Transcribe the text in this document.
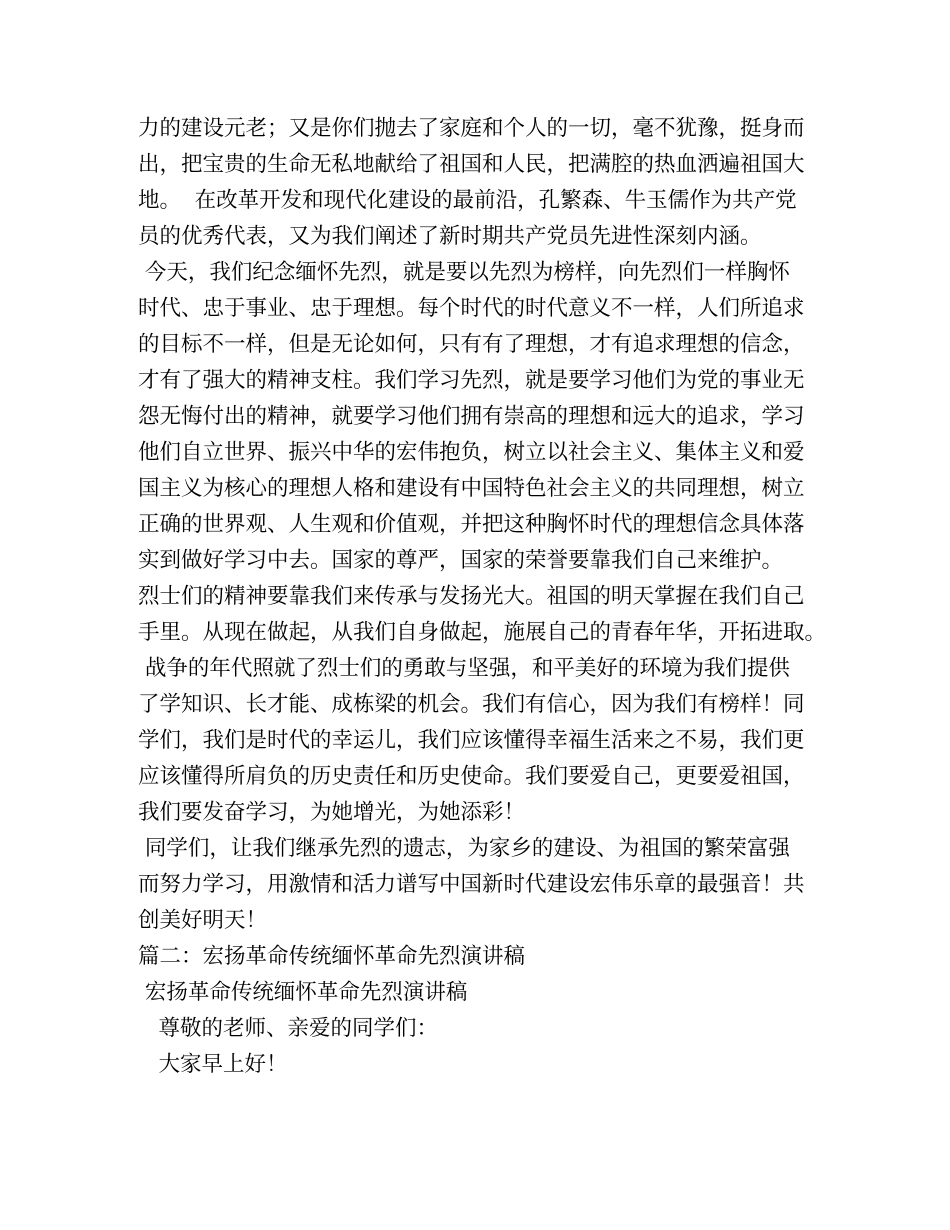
力的建设元老；又是你们抛去了家庭和个人的一切，毫不犹豫，挺身而
出，把宝贵的生命无私地献给了祖国和人民，把满腔的热血洒遍祖国大
地。  在改革开发和现代化建设的最前沿，孔繁森、牛玉儒作为共产党
员的优秀代表，又为我们阐述了新时期共产党员先进性深刻内涵。
今天，我们纪念缅怀先烈，就是要以先烈为榜样，向先烈们一样胸怀
时代、忠于事业、忠于理想。每个时代的时代意义不一样，人们所追求
的目标不一样，但是无论如何，只有有了理想，才有追求理想的信念，
才有了强大的精神支柱。我们学习先烈，就是要学习他们为党的事业无
怨无悔付出的精神，就要学习他们拥有崇高的理想和远大的追求，学习
他们自立世界、振兴中华的宏伟抱负，树立以社会主义、集体主义和爱
国主义为核心的理想人格和建设有中国特色社会主义的共同理想，树立
正确的世界观、人生观和价值观，并把这种胸怀时代的理想信念具体落
实到做好学习中去。国家的尊严，国家的荣誉要靠我们自己来维护。
烈士们的精神要靠我们来传承与发扬光大。祖国的明天掌握在我们自己
手里。从现在做起，从我们自身做起，施展自己的青春年华，开拓进取。
战争的年代照就了烈士们的勇敢与坚强，和平美好的环境为我们提供
了学知识、长才能、成栋梁的机会。我们有信心，因为我们有榜样！同
学们，我们是时代的幸运儿，我们应该懂得幸福生活来之不易，我们更
应该懂得所肩负的历史责任和历史使命。我们要爱自己，更要爱祖国，
我们要发奋学习，为她增光，为她添彩！
同学们，让我们继承先烈的遗志，为家乡的建设、为祖国的繁荣富强
而努力学习，用激情和活力谱写中国新时代建设宏伟乐章的最强音！共
创美好明天！
篇二：宏扬革命传统缅怀革命先烈演讲稿
宏扬革命传统缅怀革命先烈演讲稿
尊敬的老师、亲爱的同学们：
大家早上好！
